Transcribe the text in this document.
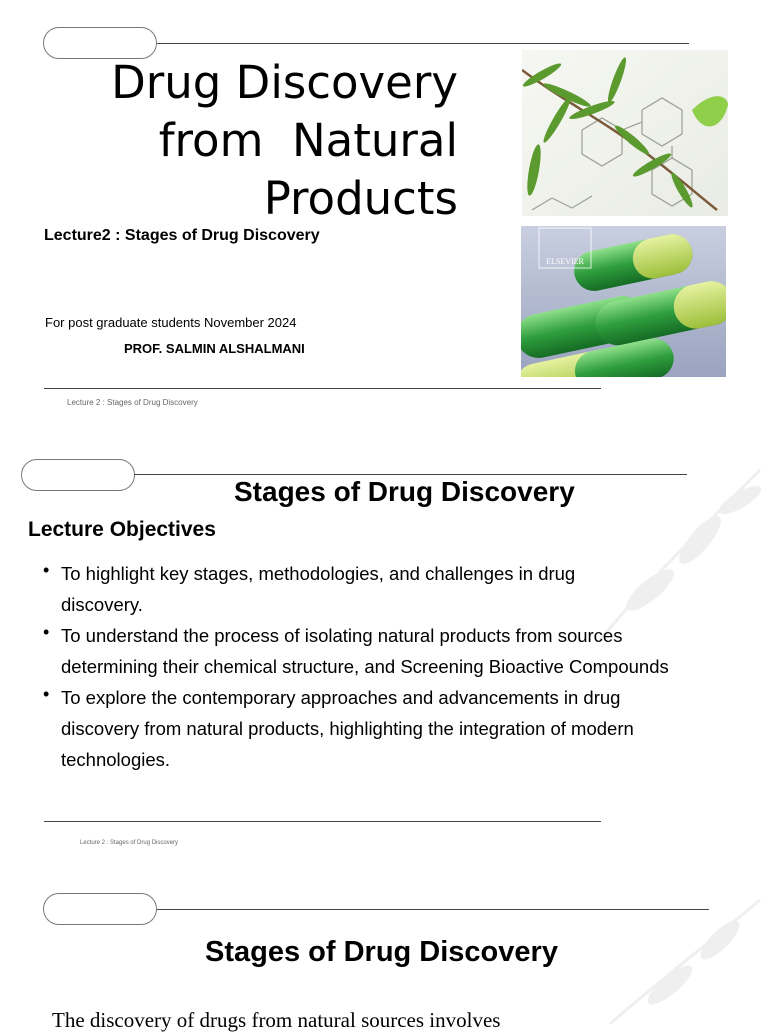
Drug Discovery
from  Natural
Products
Lecture2 : Stages of Drug Discovery
For post graduate students November 2024
PROF. SALMIN ALSHALMANI
ELSEVIER
Lecture 2 : Stages of Drug Discovery
Stages of Drug Discovery
Lecture Objectives
• To highlight key stages, methodologies, and challenges in drug discovery.
• To understand the process of isolating natural products from sources determining their chemical structure, and Screening Bioactive Compounds
• To explore the contemporary approaches and advancements in drug discovery from natural products, highlighting the integration of modern technologies.
Lecture 2 : Stages of Drug Discovery
Stages of Drug Discovery
The discovery of drugs from natural sources involves
